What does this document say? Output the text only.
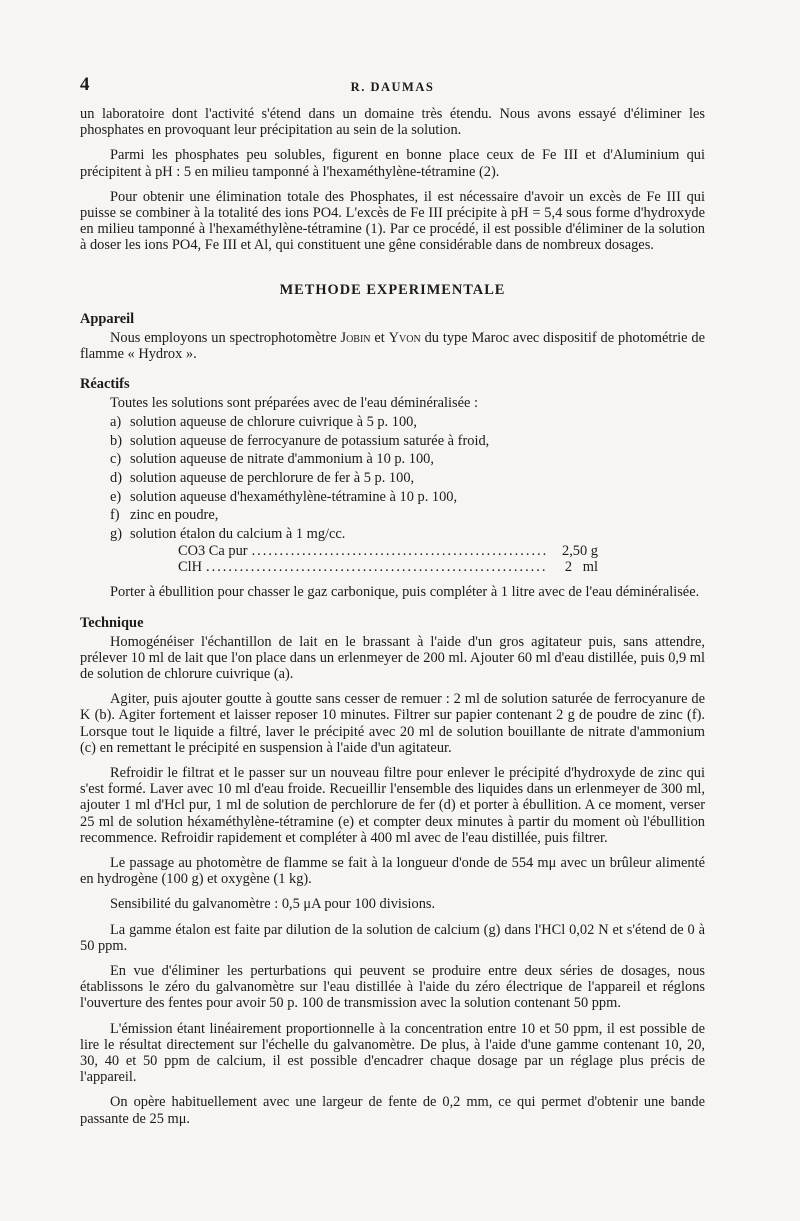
4	R. DAUMAS

un laboratoire dont l'activité s'étend dans un domaine très étendu. Nous avons essayé d'éliminer les phosphates en provoquant leur précipitation au sein de la solution.

Parmi les phosphates peu solubles, figurent en bonne place ceux de Fe III et d'Aluminium qui précipitent à pH : 5 en milieu tamponné à l'hexaméthylène-tétramine (2).

Pour obtenir une élimination totale des Phosphates, il est nécessaire d'avoir un excès de Fe III qui puisse se combiner à la totalité des ions PO4. L'excès de Fe III précipite à pH = 5,4 sous forme d'hydroxyde en milieu tamponné à l'hexaméthylène-tétramine (1). Par ce procédé, il est possible d'éliminer de la solution à doser les ions PO4, Fe III et Al, qui constituent une gêne considérable dans de nombreux dosages.

METHODE EXPERIMENTALE
Appareil

Nous employons un spectrophotomètre Jobin et Yvon du type Maroc avec dispositif de photométrie de flamme « Hydrox ».

Réactifs

Toutes les solutions sont préparées avec de l'eau déminéralisée :

a) solution aqueuse de chlorure cuivrique à 5 p. 100,
b) solution aqueuse de ferrocyanure de potassium saturée à froid,
c) solution aqueuse de nitrate d'ammonium à 10 p. 100,
d) solution aqueuse de perchlorure de fer à 5 p. 100,
e) solution aqueuse d'hexaméthylène-tétramine à 10 p. 100,
f) zinc en poudre,
g) solution étalon du calcium à 1 mg/cc.
CO3 Ca pur .....	2,50 g
ClH .....	2   ml

Porter à ébullition pour chasser le gaz carbonique, puis compléter à 1 litre avec de l'eau déminéralisée.

Technique

Homogénéiser l'échantillon de lait en le brassant à l'aide d'un gros agitateur puis, sans attendre, prélever 10 ml de lait que l'on place dans un erlenmeyer de 200 ml. Ajouter 60 ml d'eau distillée, puis 0,9 ml de solution de chlorure cuivrique (a).

Agiter, puis ajouter goutte à goutte sans cesser de remuer : 2 ml de solution saturée de ferrocyanure de K (b). Agiter fortement et laisser reposer 10 minutes. Filtrer sur papier contenant 2 g de poudre de zinc (f). Lorsque tout le liquide a filtré, laver le précipité avec 20 ml de solution bouillante de nitrate d'ammonium (c) en remettant le précipité en suspension à l'aide d'un agitateur.

Refroidir le filtrat et le passer sur un nouveau filtre pour enlever le précipité d'hydroxyde de zinc qui s'est formé. Laver avec 10 ml d'eau froide. Recueillir l'ensemble des liquides dans un erlenmeyer de 300 ml, ajouter 1 ml d'Hcl pur, 1 ml de solution de perchlorure de fer (d) et porter à ébullition. A ce moment, verser 25 ml de solution héxaméthylène-tétramine (e) et compter deux minutes à partir du moment où l'ébullition recommence. Refroidir rapidement et compléter à 400 ml avec de l'eau distillée, puis filtrer.

Le passage au photomètre de flamme se fait à la longueur d'onde de 554 mμ avec un brûleur alimenté en hydrogène (100 g) et oxygène (1 kg).

Sensibilité du galvanomètre : 0,5 μA pour 100 divisions.

La gamme étalon est faite par dilution de la solution de calcium (g) dans l'HCl 0,02 N et s'étend de 0 à 50 ppm.

En vue d'éliminer les perturbations qui peuvent se produire entre deux séries de dosages, nous établissons le zéro du galvanomètre sur l'eau distillée à l'aide du zéro électrique de l'appareil et réglons l'ouverture des fentes pour avoir 50 p. 100 de transmission avec la solution contenant 50 ppm.

L'émission étant linéairement proportionnelle à la concentration entre 10 et 50 ppm, il est possible de lire le résultat directement sur l'échelle du galvanomètre. De plus, à l'aide d'une gamme contenant 10, 20, 30, 40 et 50 ppm de calcium, il est possible d'encadrer chaque dosage par un réglage plus précis de l'appareil.

On opère habituellement avec une largeur de fente de 0,2 mm, ce qui permet d'obtenir une bande passante de 25 mμ.
